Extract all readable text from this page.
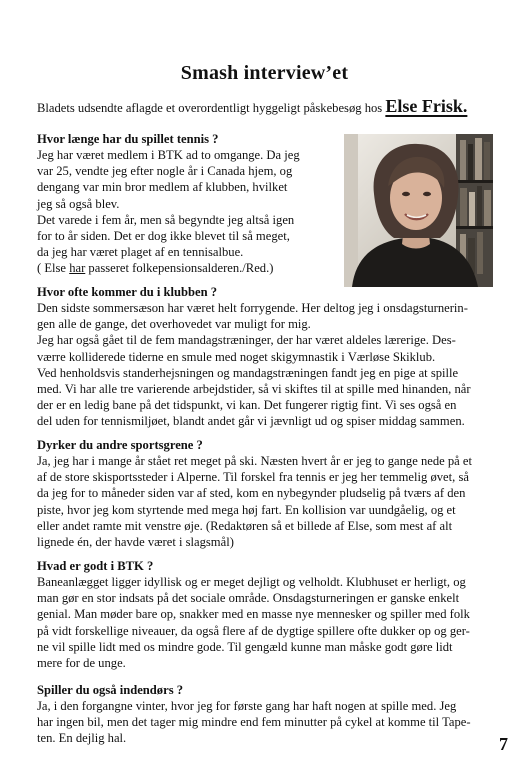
Smash interview’et
Bladets udsendte aflagde et overordentligt hyggeligt påskebesøg hos Else Frisk.
Hvor længe har du spillet tennis ?
Jeg har været medlem i BTK ad to omgange. Da jeg
var 25, vendte jeg efter nogle år i Canada hjem, og
dengang var min bror medlem af klubben, hvilket
jeg så også blev.
Det varede i fem år, men så begyndte jeg altså igen
for to år siden. Det er dog ikke blevet til så meget,
da jeg har været plaget af en tennisalbue.
( Else har passeret folkepensionsalderen./Red.)
Hvor ofte kommer du i klubben ?
Den sidste sommersæson har været helt forrygende. Her deltog jeg i onsdagsturnerin-
gen alle de gange, det overhovedet var muligt for mig.
Jeg har også gået til de fem mandagstræninger, der har været aldeles lærerige. Des-
værre kolliderede tiderne en smule med noget skigymnastik i Værløse Skiklub.
Ved henholdsvis standerhejsningen og mandagstræningen fandt jeg en pige at spille
med. Vi har alle tre varierende arbejdstider, så vi skiftes til at spille med hinanden, når
der er en ledig bane på det tidspunkt, vi kan. Det fungerer rigtig fint. Vi ses også en
del uden for tennismiljøet, blandt andet går vi jævnligt ud og spiser middag sammen.
Dyrker du andre sportsgrene ?
Ja, jeg har i mange år stået ret meget på ski. Næsten hvert år er jeg to gange nede på et
af de store skisportssteder i Alperne. Til forskel fra tennis er jeg her temmelig øvet, så
da jeg for to måneder siden var af sted, kom en nybegynder pludselig på tværs af den
piste, hvor jeg kom styrtende med mega høj fart. En kollision var uundgåelig, og et
eller andet ramte mit venstre øje. (Redaktøren så et billede af Else, som mest af alt
lignede én, der havde været i slagsmål)
Hvad er godt i BTK ?
Baneanlægget ligger idyllisk og er meget dejligt og velholdt. Klubhuset er herligt, og
man gør en stor indsats på det sociale område. Onsdagsturneringen er ganske enkelt
genial. Man møder bare op, snakker med en masse nye mennesker og spiller med folk
på vidt forskellige niveauer, da også flere af de dygtige spillere ofte dukker op og ger-
ne vil spille lidt med os mindre gode. Til gengæld kunne man måske godt gøre lidt
mere for de unge.
Spiller du også indendørs ?
Ja, i den forgangne vinter, hvor jeg for første gang har haft nogen at spille med. Jeg
har ingen bil, men det tager mig mindre end fem minutter på cykel at komme til Tape-
ten. En dejlig hal.	7
